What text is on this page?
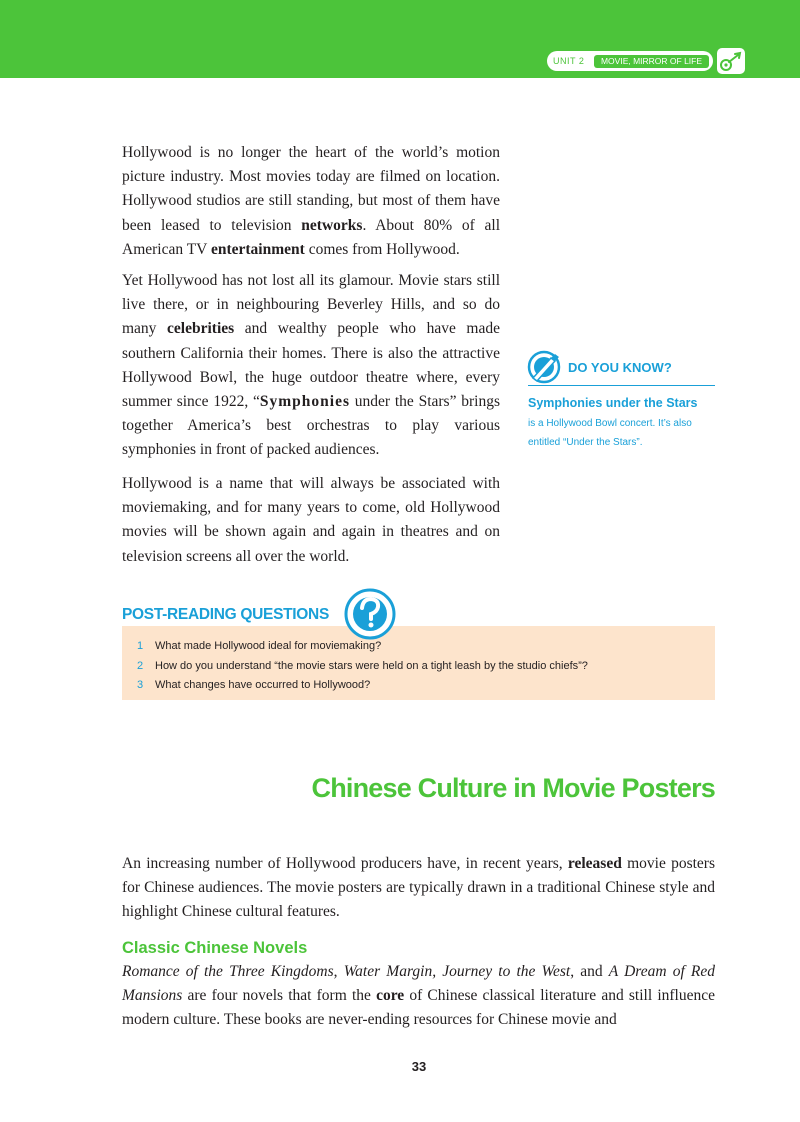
UNIT 2	MOVIE, MIRROR OF LIFE

Hollywood is no longer the heart of the world’s motion picture industry. Most movies today are filmed on location. Hollywood studios are still standing, but most of them have been leased to television networks. About 80% of all American TV entertainment comes from Hollywood.

Yet Hollywood has not lost all its glamour. Movie stars still live there, or in neighbouring Beverley Hills, and so do many celebrities and wealthy people who have made southern California their homes. There is also the attractive Hollywood Bowl, the huge outdoor theatre where, every summer since 1922, “Symphonies under the Stars” brings together America’s best orchestras to play various symphonies in front of packed audiences.

Hollywood is a name that will always be associated with moviemaking, and for many years to come, old Hollywood movies will be shown again and again in theatres and on television screens all over the world.

DO YOU KNOW?
Symphonies under the Stars

is a Hollywood Bowl concert. It’s also entitled “Under the Stars”.

POST-READING QUESTIONS
1 What made Hollywood ideal for moviemaking?
2 How do you understand “the movie stars were held on a tight leash by the studio chiefs”?
3 What changes have occurred to Hollywood?
Chinese Culture in Movie Posters

An increasing number of Hollywood producers have, in recent years, released movie posters for Chinese audiences. The movie posters are typically drawn in a traditional Chinese style and highlight Chinese cultural features.

Classic Chinese Novels

Romance of the Three Kingdoms, Water Margin, Journey to the West, and A Dream of Red Mansions are four novels that form the core of Chinese classical literature and still influence modern culture. These books are never-ending resources for Chinese movie and

33
